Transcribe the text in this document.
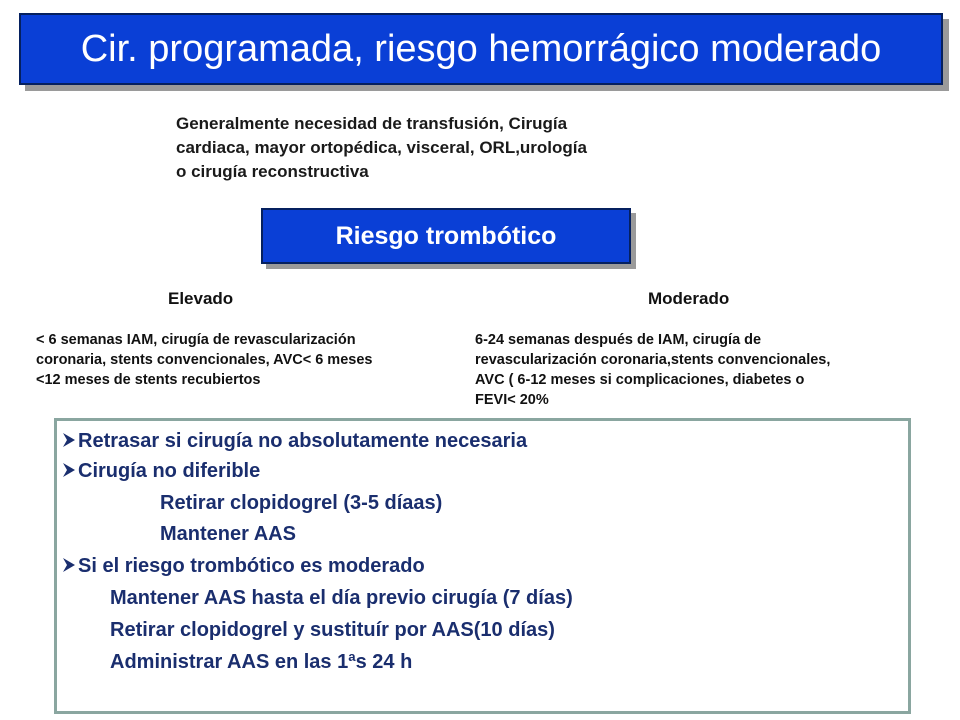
Cir. programada, riesgo hemorrágico moderado
Generalmente necesidad de transfusión, Cirugía
cardiaca, mayor ortopédica, visceral, ORL,urología
o cirugía reconstructiva
Riesgo trombótico
Elevado	Moderado
< 6 semanas IAM, cirugía de revascularización
coronaria, stents convencionales, AVC< 6 meses
<12 meses de stents recubiertos
6-24 semanas después de IAM, cirugía de
revascularización coronaria,stents convencionales,
AVC ( 6-12 meses si complicaciones, diabetes o
FEVI< 20%
Retrasar si cirugía no absolutamente necesaria
Cirugía no diferible
Retirar clopidogrel (3-5 díaas)
Mantener AAS
Si el riesgo trombótico es moderado
Mantener AAS hasta el día previo cirugía (7 días)
Retirar clopidogrel y sustituír por AAS(10 días)
Administrar AAS en las 1ªs 24 h
